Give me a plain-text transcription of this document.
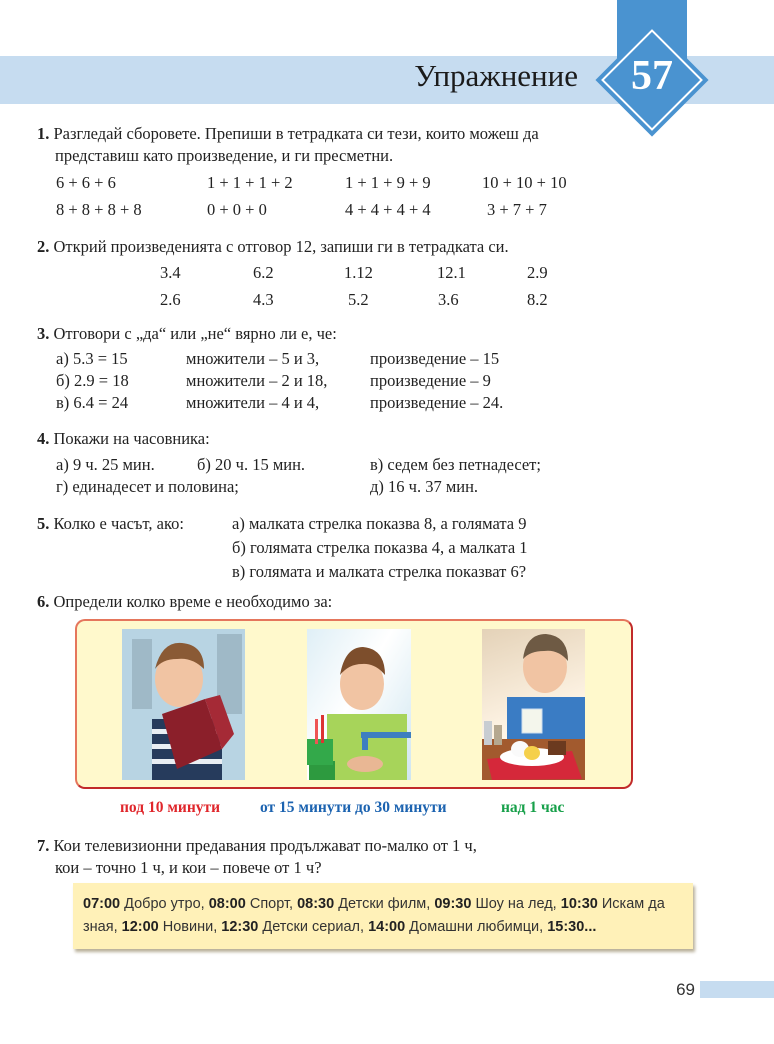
57
Упражнение
1. Разгледай сборовете. Препиши в тетрадката си тези, които можеш да
представиш като произведение, и ги пресметни.
6 + 6 + 6	1 + 1 + 1 + 2	1 + 1 + 9 + 9	10 + 10 + 10
8 + 8 + 8 + 8	0 + 0 + 0	4 + 4 + 4 + 4	3 + 7 + 7
2. Открий произведенията с отговор 12, запиши ги в тетрадката си.
3.4	6.2	1.12	12.1	2.9
2.6	4.3	5.2	3.6	8.2
3. Отговори с „да“ или „не“ вярно ли е, че:
а) 5.3 = 15	множители – 5 и 3,	произведение – 15
б) 2.9 = 18	множители – 2 и 18,	произведение – 9
в) 6.4 = 24	множители – 4 и 4,	произведение – 24.
4. Покажи на часовника:
а) 9 ч. 25 мин.	б) 20 ч. 15 мин.	в) седем без петнадесет;
г) единадесет и половина;	д) 16 ч. 37 мин.
5. Колко е часът, ако:	а) малката стрелка показва 8, а голямата 9
б) голямата стрелка показва 4, а малката 1
в) голямата и малката стрелка показват 6?
6. Определи колко време е необходимо за:
под 10 минути	от 15 минути до 30 минути	над 1 час
7. Кои телевизионни предавания продължават по-малко от 1 ч,
кои – точно 1 ч, и кои – повече от 1 ч?
07:00 Добро утро, 08:00 Спорт, 08:30 Детски филм, 09:30 Шоу на лед, 10:30 Искам да зная, 12:00 Новини, 12:30 Детски сериал, 14:00 Домашни любимци, 15:30...
69
